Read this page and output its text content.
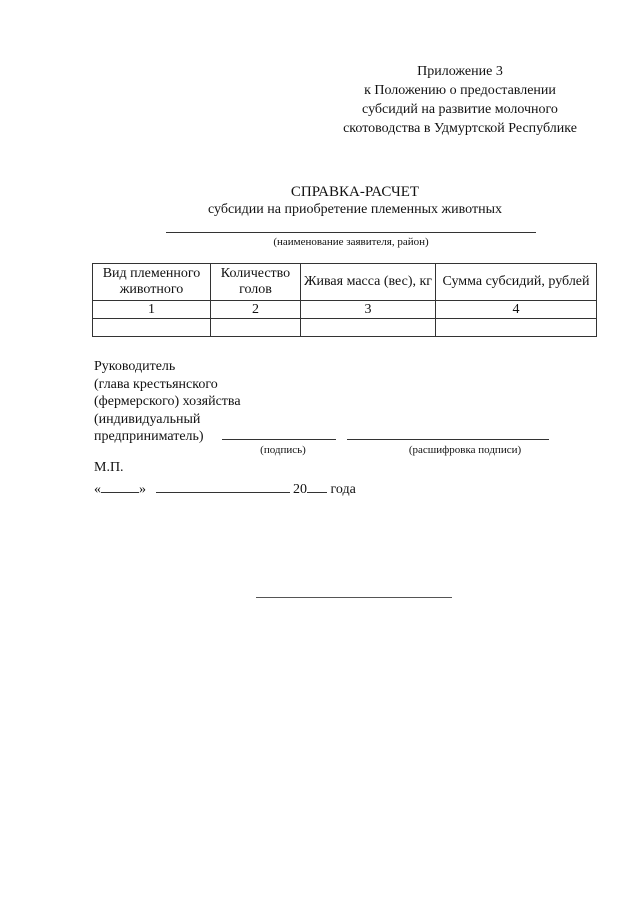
Приложение 3
к Положению о предоставлении
субсидий на развитие молочного
скотоводства в Удмуртской Республике
СПРАВКА-РАСЧЕТ
субсидии на приобретение племенных животных
(наименование заявителя, район)
Вид племенного животного	Количество голов	Живая масса (вес), кг	Сумма субсидий, рублей
1	2	3	4

Руководитель
(глава крестьянского
(фермерского) хозяйства
(индивидуальный
предприниматель)
(подпись)	(расшифровка подписи)
М.П.
«	»	20 года
